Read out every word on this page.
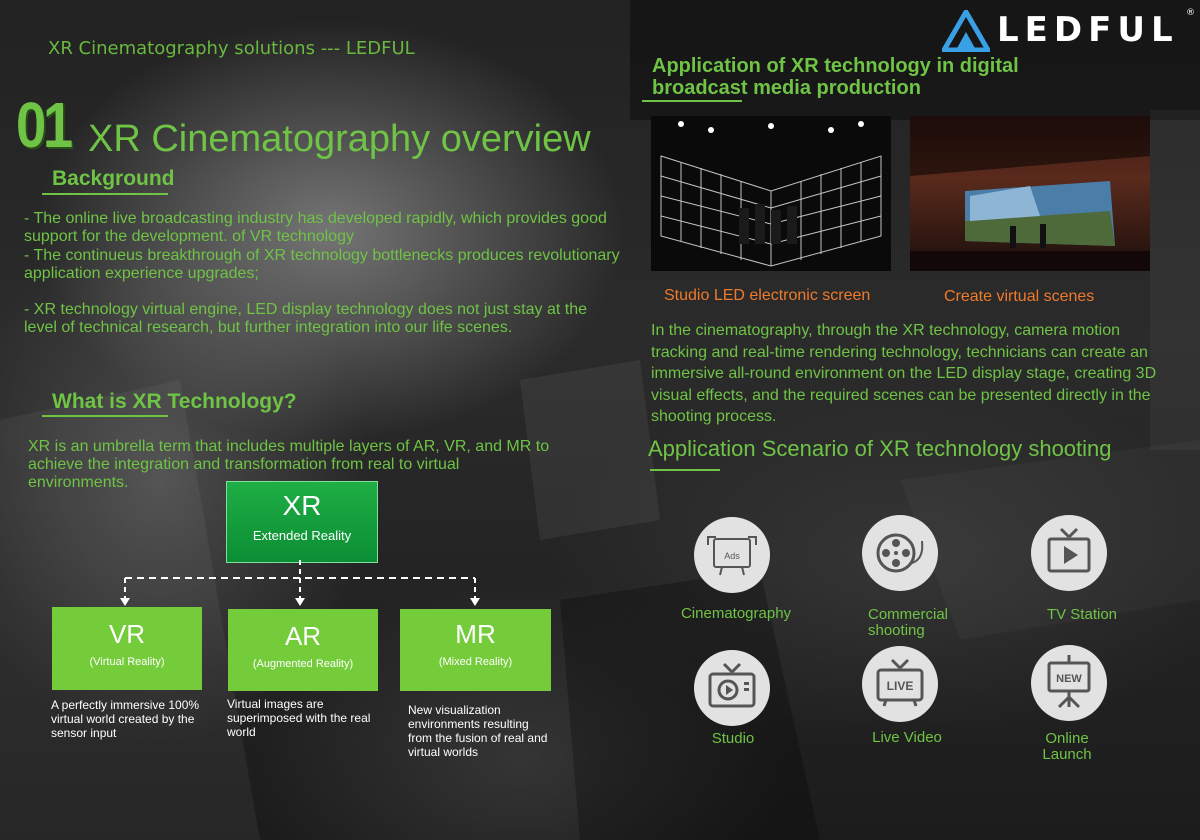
XR Cinematography solutions --- LEDFUL	LEDFUL ®
01 XR Cinematography overview
Background
- The online live broadcasting industry has developed rapidly, which provides good support for the development. of VR technology
- The continueus breakthrough of XR technology bottlenecks produces revolutionary application experience upgrades;
- XR technology virtual engine, LED display technology does not just stay at the level of technical research, but further integration into our life scenes.
What is XR Technology?
XR is an umbrella term that includes multiple layers of AR, VR, and MR to achieve the integration and transformation from real to virtual environments.
XR
Extended Reality
VR
(Virtual Reality)
AR
(Augmented Reality)
MR
(Mixed Reality)
A perfectly immersive 100% virtual world created by the sensor input
Virtual images are superimposed with the real world
New visualization environments resulting from the fusion of real and virtual worlds
Application of XR technology in digital
broadcast media production
Studio LED electronic screen	Create virtual scenes
In the cinematography, through the XR technology, camera motion tracking and real-time rendering technology, technicians can create an immersive all-round environment on the LED display stage, creating 3D visual effects, and the required scenes can be presented directly in the shooting process.
Application Scenario of XR technology shooting
Ads
LIVE	NEW
Cinematography	Commercial shooting
TV Station
Studio	Live Video	Online Launch
